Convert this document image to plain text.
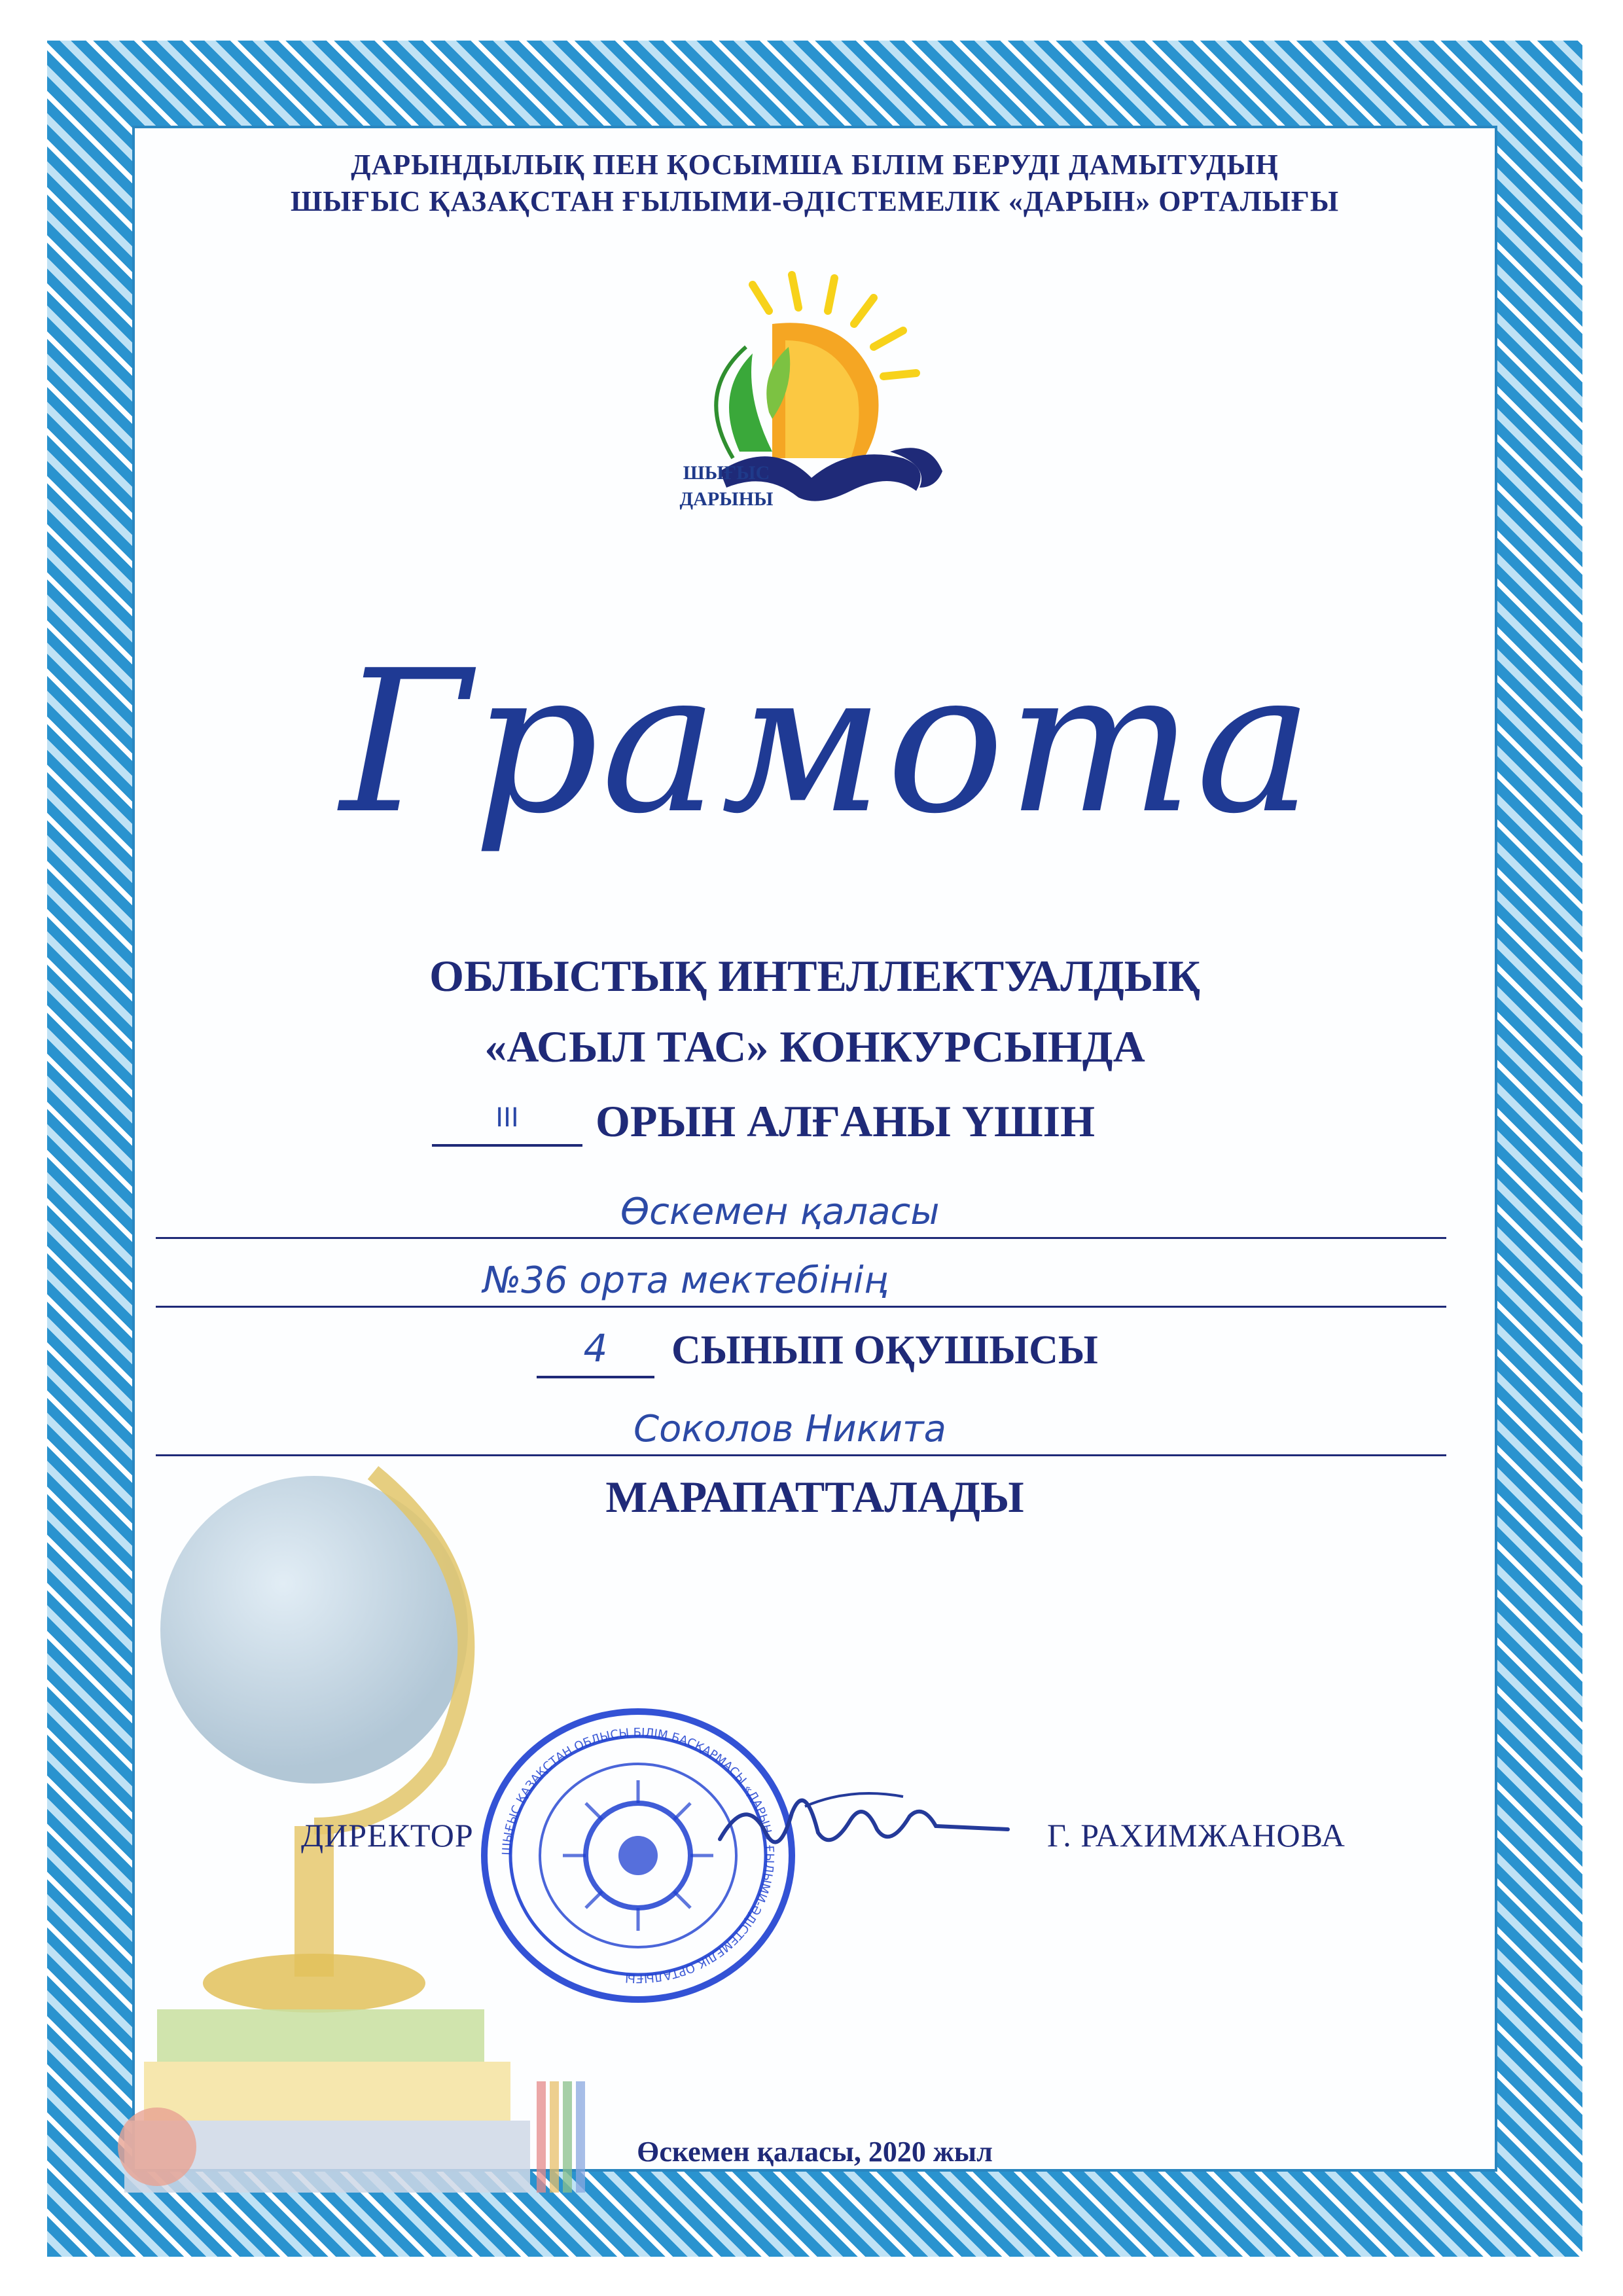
ДАРЫНДЫЛЫҚ ПЕН ҚОСЫМША БІЛІМ БЕРУДІ ДАМЫТУДЫҢ
ШЫҒЫС ҚАЗАҚСТАН ҒЫЛЫМИ-ӘДІСТЕМЕЛІК «ДАРЫН» ОРТАЛЫҒЫ
ШЫҒЫС
ДАРЫНЫ
Грамота
ОБЛЫСТЫҚ ИНТЕЛЛЕКТУАЛДЫҚ
«АСЫЛ ТАС» КОНКУРСЫНДА
III	ОРЫН АЛҒАНЫ ҮШІН
Өскемен қаласы
№36 орта мектебінің
4	СЫНЫП ОҚУШЫСЫ
Соколов Никита
МАРАПАТТАЛАДЫ
ДИРЕКТОР ШЫҒЫС ҚАЗАҚСТАН ОБЛЫСЫ БІЛІМ БАСҚАРМАСЫ «ДАРЫН» ҒЫЛЫМИ-ӘДІСТЕМЕЛІК ОРТАЛЫҒЫ
Г. РАХИМЖАНОВА
Өскемен қаласы, 2020 жыл
